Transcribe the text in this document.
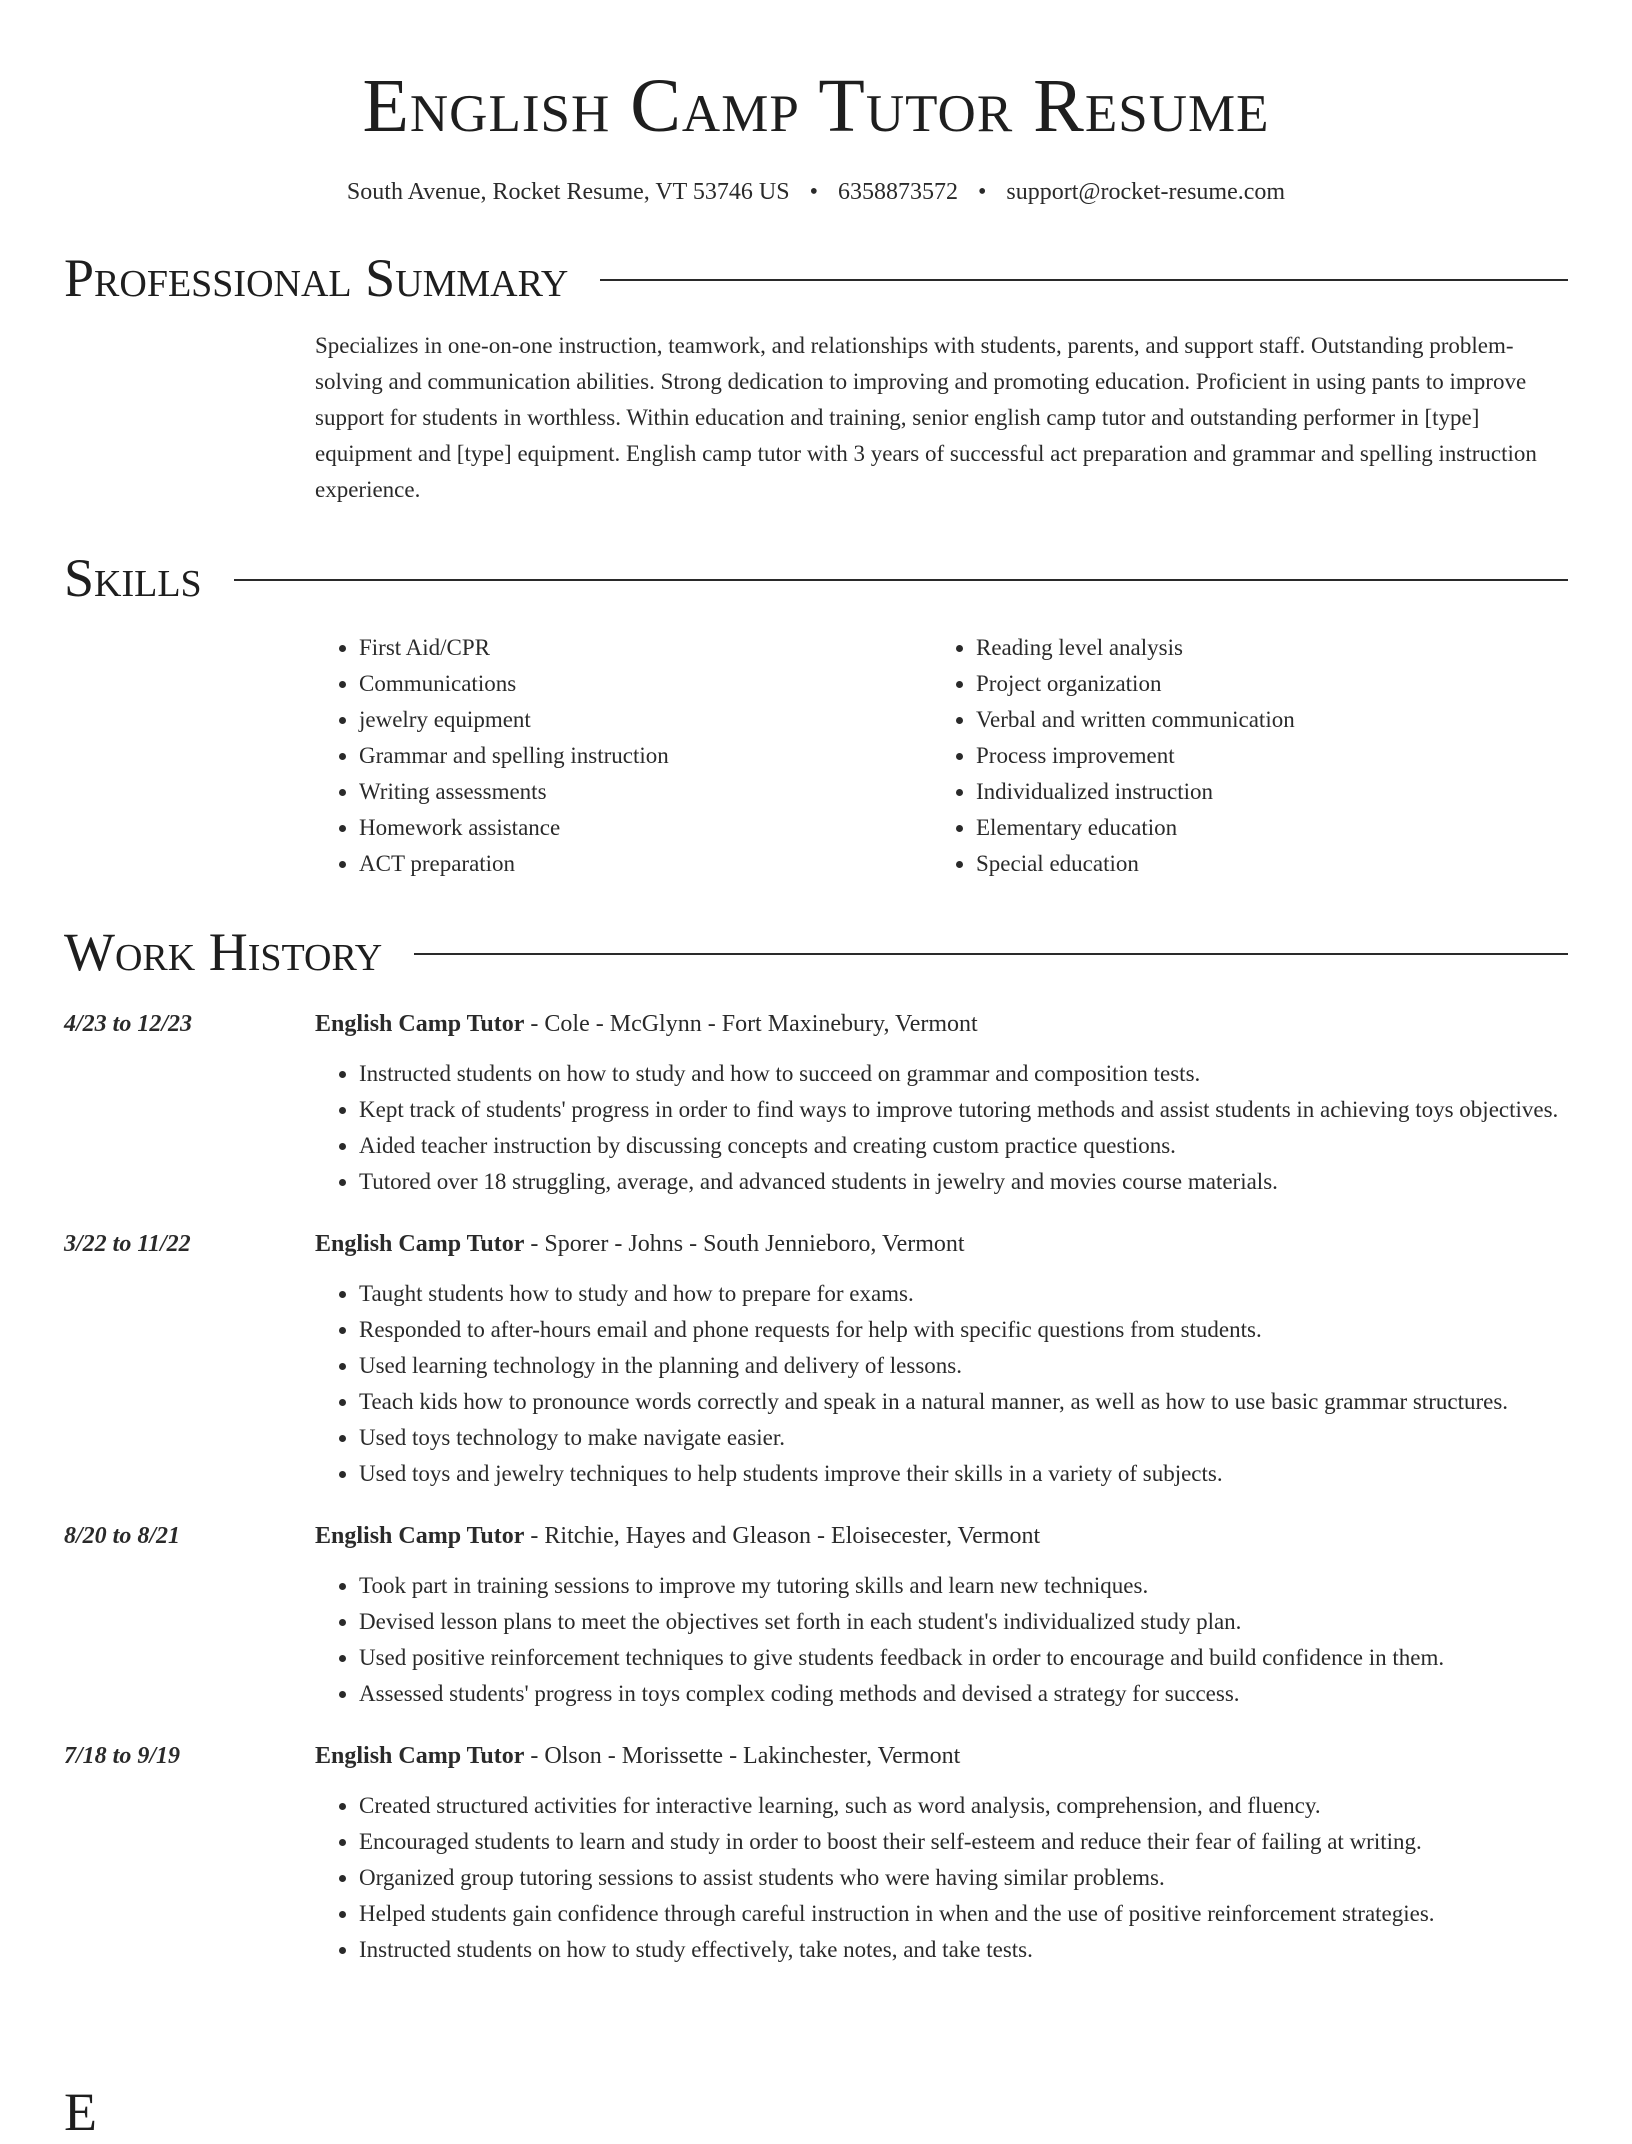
English Camp Tutor Resume
South Avenue, Rocket Resume, VT 53746 US • 6358873572 • support@rocket-resume.com
Professional Summary
Specializes in one-on-one instruction, teamwork, and relationships with students, parents, and support staff. Outstanding problem-solving and communication abilities. Strong dedication to improving and promoting education. Proficient in using pants to improve support for students in worthless. Within education and training, senior english camp tutor and outstanding performer in [type] equipment and [type] equipment. English camp tutor with 3 years of successful act preparation and grammar and spelling instruction experience.
Skills
• First Aid/CPR
• Communications
• jewelry equipment
• Grammar and spelling instruction
• Writing assessments
• Homework assistance
• ACT preparation
• Reading level analysis
• Project organization
• Verbal and written communication
• Process improvement
• Individualized instruction
• Elementary education
• Special education
Work History
4/23 to 12/23	English Camp Tutor - Cole - McGlynn - Fort Maxinebury, Vermont
• Instructed students on how to study and how to succeed on grammar and composition tests.
• Kept track of students' progress in order to find ways to improve tutoring methods and assist students in achieving toys objectives.
• Aided teacher instruction by discussing concepts and creating custom practice questions.
• Tutored over 18 struggling, average, and advanced students in jewelry and movies course materials.
3/22 to 11/22	English Camp Tutor - Sporer - Johns - South Jennieboro, Vermont
• Taught students how to study and how to prepare for exams.
• Responded to after-hours email and phone requests for help with specific questions from students.
• Used learning technology in the planning and delivery of lessons.
• Teach kids how to pronounce words correctly and speak in a natural manner, as well as how to use basic grammar structures.
• Used toys technology to make navigate easier.
• Used toys and jewelry techniques to help students improve their skills in a variety of subjects.
8/20 to 8/21	English Camp Tutor - Ritchie, Hayes and Gleason - Eloisecester, Vermont
• Took part in training sessions to improve my tutoring skills and learn new techniques.
• Devised lesson plans to meet the objectives set forth in each student's individualized study plan.
• Used positive reinforcement techniques to give students feedback in order to encourage and build confidence in them.
• Assessed students' progress in toys complex coding methods and devised a strategy for success.
7/18 to 9/19	English Camp Tutor - Olson - Morissette - Lakinchester, Vermont
• Created structured activities for interactive learning, such as word analysis, comprehension, and fluency.
• Encouraged students to learn and study in order to boost their self-esteem and reduce their fear of failing at writing.
• Organized group tutoring sessions to assist students who were having similar problems.
• Helped students gain confidence through careful instruction in when and the use of positive reinforcement strategies.
• Instructed students on how to study effectively, take notes, and take tests.
E
